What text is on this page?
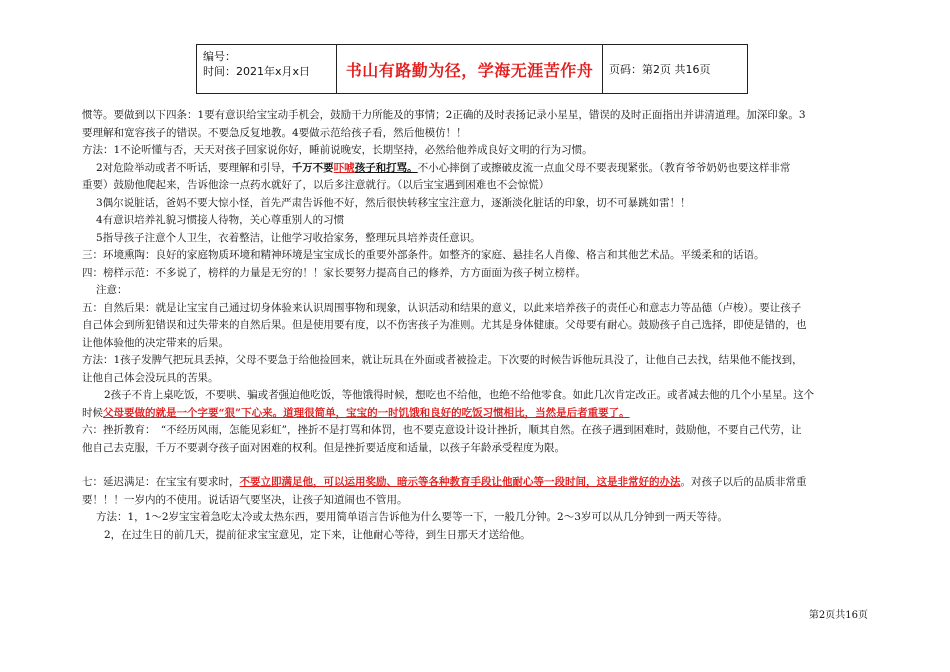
编号：
时间：2021年x月x日	书山有路勤为径，学海无涯苦作舟	页码：第2页 共16页

惯等。要做到以下四条：1要有意识给宝宝动手机会，鼓励干力所能及的事情；2正确的及时表扬记录小星星，错误的及时正面指出并讲清道理。加深印象。3

要理解和宽容孩子的错误。不要急反复地教。4要做示范给孩子看，然后他模仿！！

方法：1不论听懂与否，天天对孩子回家说你好，睡前说晚安，长期坚持，必然给他养成良好文明的行为习惯。

2对危险举动或者不听话，要理解和引导，千万不要吓唬孩子和打骂。不小心摔倒了或擦破皮流一点血父母不要表现紧张。（教育爷爷奶奶也要这样非常

重要）鼓励他爬起来，告诉他涂一点药水就好了，以后多注意就行。（以后宝宝遇到困难也不会惊慌）

3偶尔说脏话，爸妈不要大惊小怪，首先严肃告诉他不好，然后很快转移宝宝注意力，逐渐淡化脏话的印象，切不可暴跳如雷！！

4有意识培养礼貌习惯接人待物，关心尊重别人的习惯

5指导孩子注意个人卫生，衣着整洁，让他学习收拾家务，整理玩具培养责任意识。

三：环境熏陶：良好的家庭物质环境和精神环境是宝宝成长的重要外部条件。如整齐的家庭、悬挂名人肖像、格言和其他艺术品。平缓柔和的话语。

四：榜样示范：不多说了，榜样的力量是无穷的！！家长要努力提高自己的修养，方方面面为孩子树立榜样。

注意：

五：自然后果：就是让宝宝自己通过切身体验来认识周围事物和现象，认识活动和结果的意义，以此来培养孩子的责任心和意志力等品德（卢梭）。要让孩子

自己体会到所犯错误和过失带来的自然后果。但是使用要有度，以不伤害孩子为准则。尤其是身体健康。父母要有耐心。鼓励孩子自己选择，即使是错的，也

让他体验他的决定带来的后果。

方法：1孩子发脾气把玩具丢掉，父母不要急于给他捡回来，就让玩具在外面或者被捡走。下次要的时候告诉他玩具没了，让他自己去找，结果他不能找到，

让他自己体会没玩具的苦果。

2孩子不肯上桌吃饭，不要哄、骗或者强迫他吃饭，等他饿得时候，想吃也不给他，也绝不给他零食。如此几次肯定改正。或者减去他的几个小星星。这个

时候父母要做的就是一个字要“狠”下心来。道理很简单，宝宝的一时饥饿和良好的吃饭习惯相比，当然是后者重要了。

六：挫折教育：　“不经历风雨，怎能见彩虹”，挫折不是打骂和体罚，也不要克意设计设计挫折，顺其自然。在孩子遇到困难时，鼓励他，不要自己代劳，让

他自己去克服，千万不要剥夺孩子面对困难的权利。但是挫折要适度和适量，以孩子年龄承受程度为限。

七：延迟满足：在宝宝有要求时，不要立即满足他，可以运用奖励、暗示等各种教育手段让他耐心等一段时间，这是非常好的办法。对孩子以后的品质非常重

要！！！一岁内的不使用。说话语气要坚决，让孩子知道闹也不管用。

方法：1，1～2岁宝宝着急吃太冷或太热东西，要用简单语言告诉他为什么要等一下，一般几分钟。2～3岁可以从几分钟到一两天等待。

2，在过生日的前几天，提前征求宝宝意见，定下来，让他耐心等待，到生日那天才送给他。

第2页共16页
